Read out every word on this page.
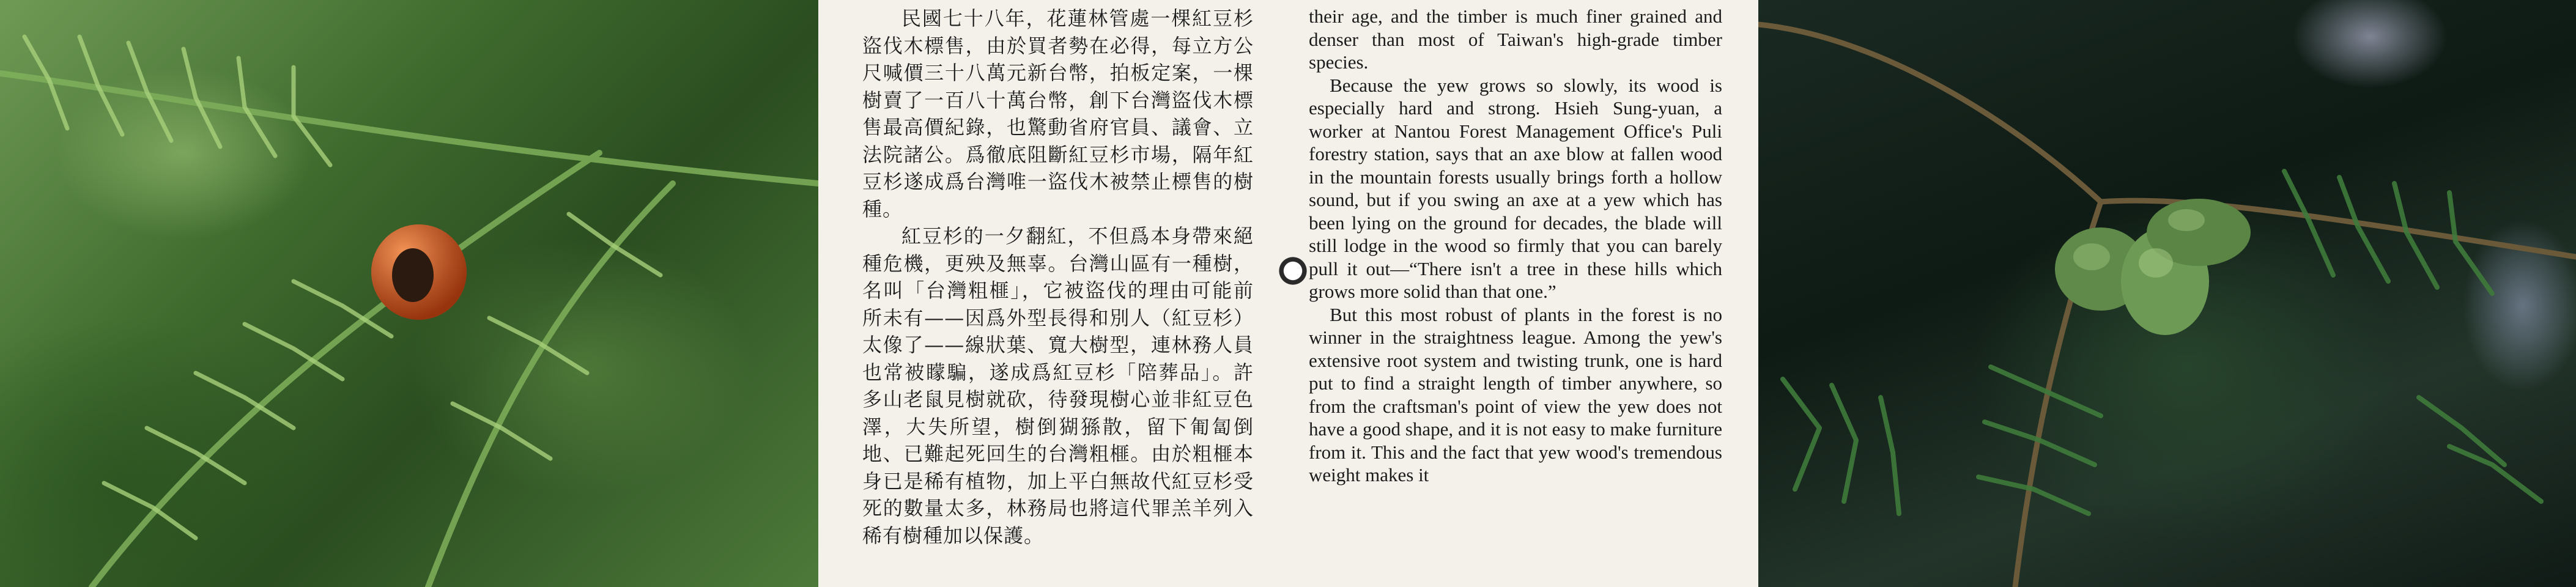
民國七十八年，花蓮林管處一棵紅豆杉盜伐木標售，由於買者勢在必得，每立方公尺喊價三十八萬元新台幣，拍板定案，一棵樹賣了一百八十萬台幣，創下台灣盜伐木標售最高價紀錄，也驚動省府官員、議會、立法院諸公。爲徹底阻斷紅豆杉市場，隔年紅豆杉遂成爲台灣唯一盜伐木被禁止標售的樹種。

紅豆杉的一夕翻紅，不但爲本身帶來絕種危機，更殃及無辜。台灣山區有一種樹，名叫「台灣粗榧」，它被盜伐的理由可能前所未有——因爲外型長得和別人（紅豆杉）太像了——線狀葉、寬大樹型，連林務人員也常被矇騙，遂成爲紅豆杉「陪葬品」。許多山老鼠見樹就砍，待發現樹心並非紅豆色澤，大失所望，樹倒猢猻散，留下匍匐倒地、已難起死回生的台灣粗榧。由於粗榧本身已是稀有植物，加上平白無故代紅豆杉受死的數量太多，林務局也將這代罪羔羊列入稀有樹種加以保護。

their age, and the timber is much finer grained and denser than most of Taiwan's high-grade timber species.

Because the yew grows so slowly, its wood is especially hard and strong. Hsieh Sung-yuan, a worker at Nantou Forest Management Office's Puli forestry station, says that an axe blow at fallen wood in the mountain forests usually brings forth a hollow sound, but if you swing an axe at a yew which has been lying on the ground for decades, the blade will still lodge in the wood so firmly that you can barely pull it out—“There isn't a tree in these hills which grows more solid than that one.”

But this most robust of plants in the forest is no winner in the straightness league. Among the yew's extensive root system and twisting trunk, one is hard put to find a straight length of timber anywhere, so from the craftsman's point of view the yew does not have a good shape, and it is not easy to make furniture from it. This and the fact that yew wood's tremendous weight makes it
